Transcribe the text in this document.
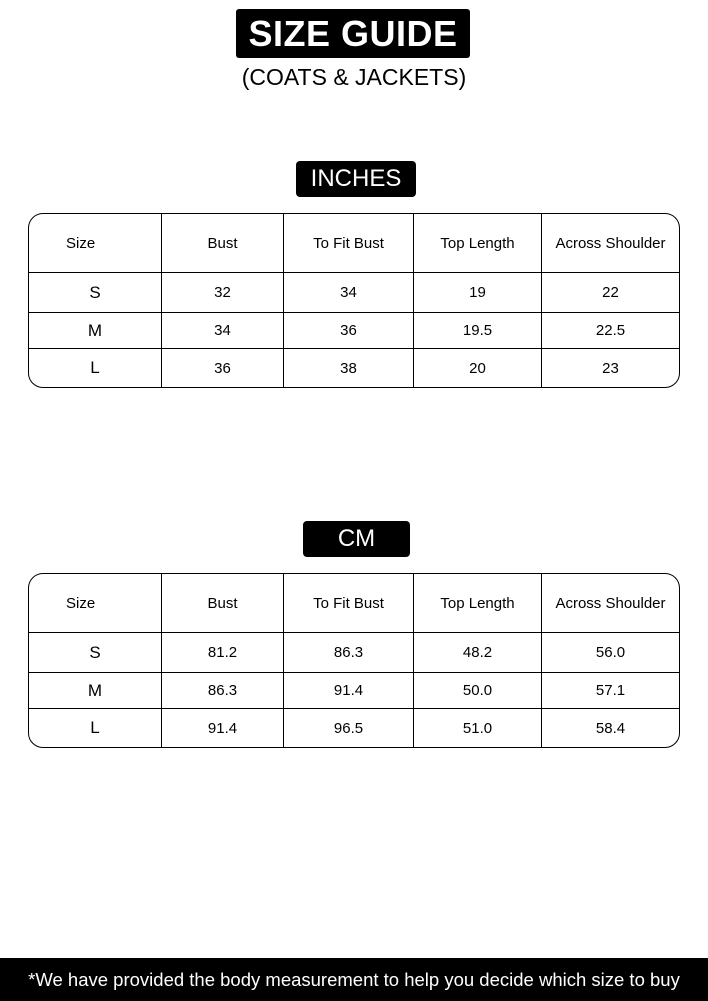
SIZE GUIDE
(COATS & JACKETS)
INCHES
Size	Bust	To Fit Bust	Top Length	Across Shoulder
S	32	34	19	22
M	34	36	19.5	22.5
L	36	38	20	23
CM
Size	Bust	To Fit Bust	Top Length	Across Shoulder
S	81.2	86.3	48.2	56.0
M	86.3	91.4	50.0	57.1
L	91.4	96.5	51.0	58.4
*We have provided the body measurement to help you decide which size to buy
